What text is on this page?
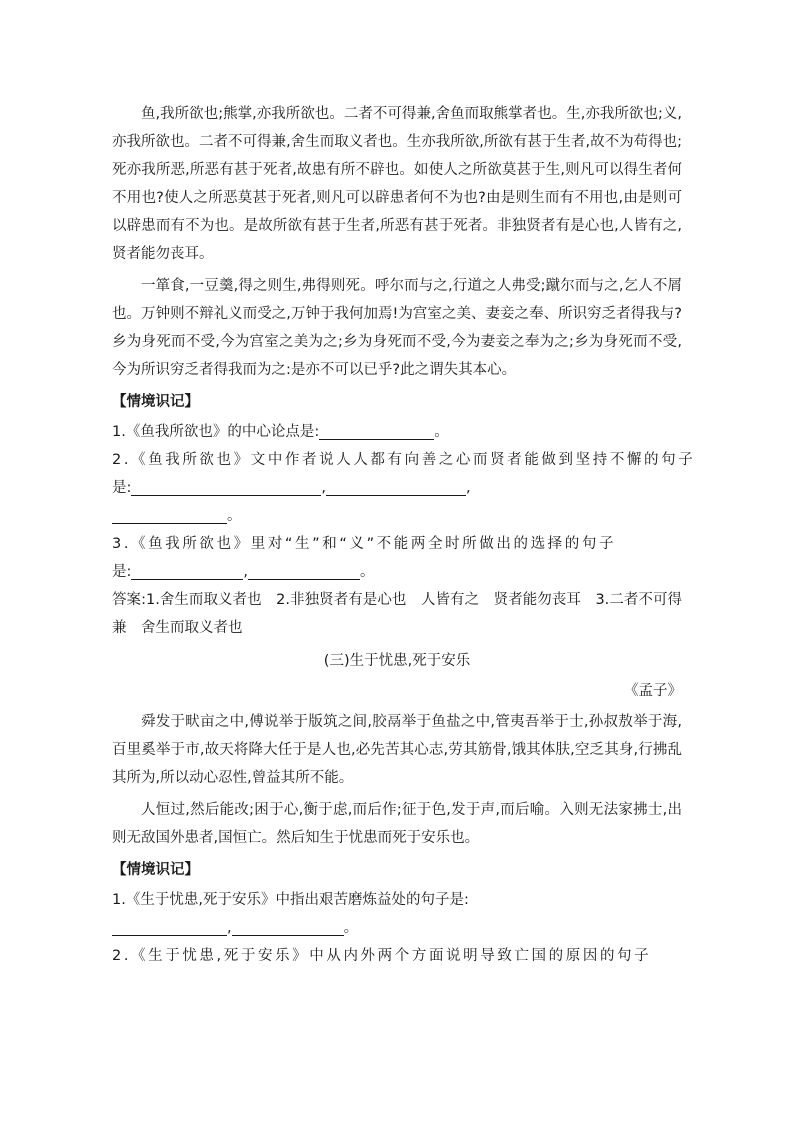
鱼,我所欲也;熊掌,亦我所欲也。二者不可得兼,舍鱼而取熊掌者也。生,亦我所欲也;义,亦我所欲也。二者不可得兼,舍生而取义者也。生亦我所欲,所欲有甚于生者,故不为苟得也;死亦我所恶,所恶有甚于死者,故患有所不辟也。如使人之所欲莫甚于生,则凡可以得生者何不用也?使人之所恶莫甚于死者,则凡可以辟患者何不为也?由是则生而有不用也,由是则可以辟患而有不为也。是故所欲有甚于生者,所恶有甚于死者。非独贤者有是心也,人皆有之,贤者能勿丧耳。

一箪食,一豆羹,得之则生,弗得则死。呼尔而与之,行道之人弗受;蹴尔而与之,乞人不屑也。万钟则不辩礼义而受之,万钟于我何加焉!为宫室之美、妻妾之奉、所识穷乏者得我与?乡为身死而不受,今为宫室之美为之;乡为身死而不受,今为妻妾之奉为之;乡为身死而不受,今为所识穷乏者得我而为之:是亦不可以已乎?此之谓失其本心。

【情境识记】

1.《鱼我所欲也》的中心论点是:	。

2.《鱼我所欲也》文中作者说人人都有向善之心而贤者能做到坚持不懈的句子

是:	,	,

。

3.《鱼我所欲也》里对“生”和“义”不能两全时所做出的选择的句子

是:	,	。

答案:1.舍生而取义者也　2.非独贤者有是心也　人皆有之　贤者能勿丧耳　3.二者不可得兼　舍生而取义者也

(三)生于忧患,死于安乐

《孟子》

舜发于畎亩之中,傅说举于版筑之间,胶鬲举于鱼盐之中,管夷吾举于士,孙叔敖举于海,百里奚举于市,故天将降大任于是人也,必先苦其心志,劳其筋骨,饿其体肤,空乏其身,行拂乱其所为,所以动心忍性,曾益其所不能。

人恒过,然后能改;困于心,衡于虑,而后作;征于色,发于声,而后喻。入则无法家拂士,出则无敌国外患者,国恒亡。然后知生于忧患而死于安乐也。

【情境识记】

1.《生于忧患,死于安乐》中指出艰苦磨炼益处的句子是:

,	。

2.《生于忧患,死于安乐》中从内外两个方面说明导致亡国的原因的句子
